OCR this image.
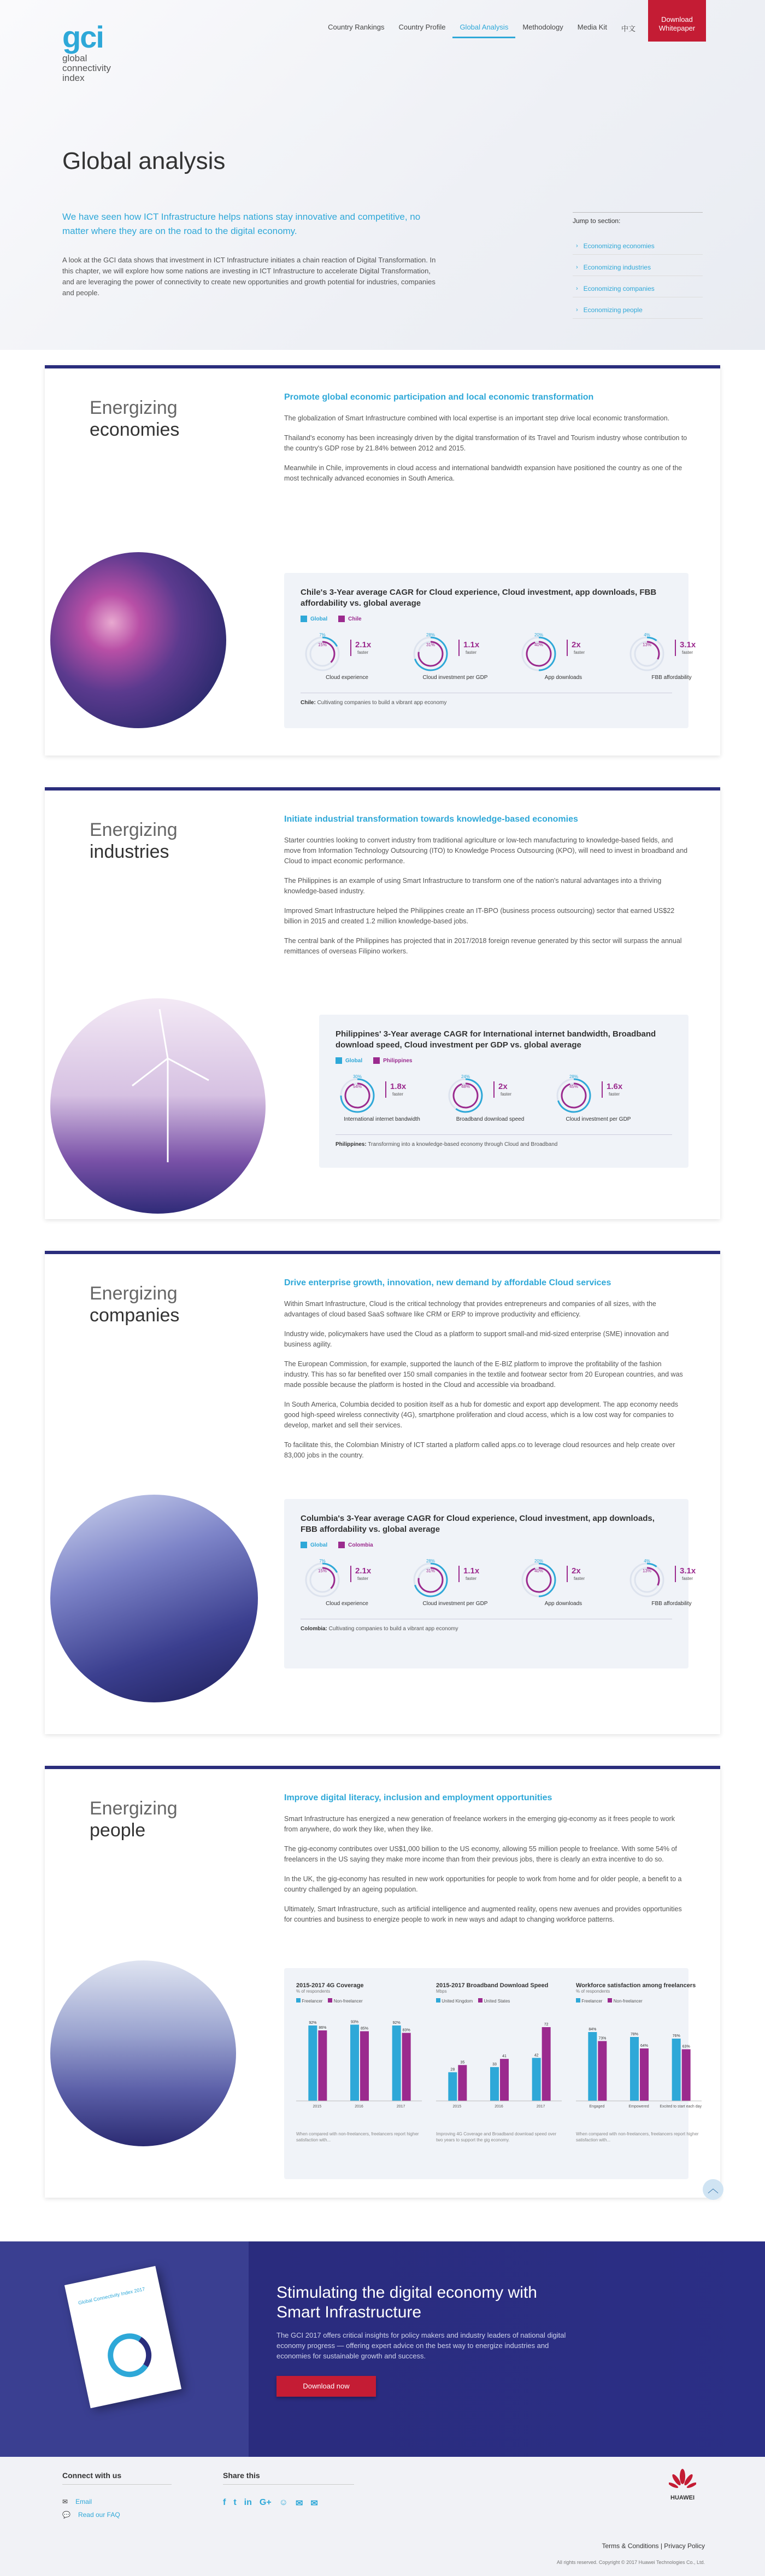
gci
global
connectivity
index
Country Rankings	Country Profile	Global Analysis	Methodology	Media Kit	中文
Download Whitepaper
Global analysis
We have seen how ICT Infrastructure helps nations stay innovative and competitive, no matter where they are on the road to the digital economy.
A look at the GCI data shows that investment in ICT Infrastructure initiates a chain reaction of Digital Transformation. In this chapter, we will explore how some nations are investing in ICT Infrastructure to accelerate Digital Transformation, and are leveraging the power of connectivity to create new opportunities and growth potential for industries, companies and people.
Jump to section:
› Economizing economies
› Economizing industries
› Economizing companies
› Economizing people
Energizing
economies
Promote global economic participation and local economic transformation

The globalization of Smart Infrastructure combined with local expertise is an important step drive local economic transformation.

Thailand's economy has been increasingly driven by the digital transformation of its Travel and Tourism industry whose contribution to the country's GDP rose by 21.84% between 2012 and 2015.

Meanwhile in Chile, improvements in cloud access and international bandwidth expansion have positioned the country as one of the most technically advanced economies in South America.

Chile's 3-Year average CAGR for Cloud experience, Cloud investment, app downloads, FBB affordability vs. global average
Global	Chile
7%
15%	2.1x
faster
Cloud experience
28%
31%	1.1x
faster
Cloud investment per GDP
20%
40%	2x
faster
App downloads
4%
13%	3.1x
faster
FBB affordability
Chile: Cultivating companies to build a vibrant app economy
Energizing
industries
Initiate industrial transformation towards knowledge-based economies

Starter countries looking to convert industry from traditional agriculture or low-tech manufacturing to knowledge-based fields, and move from Information Technology Outsourcing (ITO) to Knowledge Process Outsourcing (KPO), will need to invest in broadband and Cloud to impact economic performance.

The Philippines is an example of using Smart Infrastructure to transform one of the nation's natural advantages into a thriving knowledge-based industry.

Improved Smart Infrastructure helped the Philippines create an IT-BPO (business process outsourcing) sector that earned US$22 billion in 2015 and created 1.2 million knowledge-based jobs.

The central bank of the Philippines has projected that in 2017/2018 foreign revenue generated by this sector will surpass the annual remittances of overseas Filipino workers.

Philippines' 3-Year average CAGR for International internet bandwidth, Broadband download speed, Cloud investment per GDP vs. global average
Global	Philippines
30%
54%	1.8x
faster
International internet bandwidth
24%
48%	2x
faster
Broadband download speed
28%
45%	1.6x
faster
Cloud investment per GDP
Philippines: Transforming into a knowledge-based economy through Cloud and Broadband
Energizing
companies
Drive enterprise growth, innovation, new demand by affordable Cloud services

Within Smart Infrastructure, Cloud is the critical technology that provides entrepreneurs and companies of all sizes, with the advantages of cloud based SaaS software like CRM or ERP to improve productivity and efficiency.

Industry wide, policymakers have used the Cloud as a platform to support small-and mid-sized enterprise (SME) innovation and business agility.

The European Commission, for example, supported the launch of the E-BIZ platform to improve the profitability of the fashion industry. This has so far benefited over 150 small companies in the textile and footwear sector from 20 European countries, and was made possible because the platform is hosted in the Cloud and accessible via broadband.

In South America, Columbia decided to position itself as a hub for domestic and export app development. The app economy needs good high-speed wireless connectivity (4G), smartphone proliferation and cloud access, which is a low cost way for companies to develop, market and sell their services.

To facilitate this, the Colombian Ministry of ICT started a platform called apps.co to leverage cloud resources and help create over 83,000 jobs in the country.

Columbia's 3-Year average CAGR for Cloud experience, Cloud investment, app downloads, FBB affordability vs. global average
Global	Colombia
7%
15%	2.1x
faster
Cloud experience
28%
31%	1.1x
faster
Cloud investment per GDP
20%
40%	2x
faster
App downloads
4%
13%	3.1x
faster
FBB affordability
Colombia: Cultivating companies to build a vibrant app economy
Energizing
people
Improve digital literacy, inclusion and employment opportunities

Smart Infrastructure has energized a new generation of freelance workers in the emerging gig-economy as it frees people to work from anywhere, do work they like, when they like.

The gig-economy contributes over US$1,000 billion to the US economy, allowing 55 million people to freelance. With some 54% of freelancers in the US saying they make more income than from their previous jobs, there is clearly an extra incentive to do so.

In the UK, the gig-economy has resulted in new work opportunities for people to work from home and for older people, a benefit to a country challenged by an ageing population.

Ultimately, Smart Infrastructure, such as artificial intelligence and augmented reality, opens new avenues and provides opportunities for countries and business to energize people to work in new ways and adapt to changing workforce patterns.

2015-2017 4G Coverage
% of respondents
Freelancer	Non-freelancer
92%
86%
2015
93%
85%
2016
92%
83%
2017
When compared with non-freelancers, freelancers report higher satisfaction with...
2015-2017 Broadband Download Speed
Mbps
United Kingdom	United States
28
35
2015
33
41
2016
42
72
2017
Improving 4G Coverage and Broadband download speed over two years to support the gig economy.
Workforce satisfaction among freelancers
% of respondents
Freelancer	Non-freelancer
84%
73%
Engaged
78%
64%
Empowered
76%
63%
Excited to start each day
When compared with non-freelancers, freelancers report higher satisfaction with...
︿
Global Connectivity Index 2017	Stimulating the digital economy with Smart Infrastructure

The GCI 2017 offers critical insights for policy makers and industry leaders of national digital economy progress — offering expert advice on the best way to energize industries and economies for sustainable growth and success.

Download now
Connect with us
✉ Email
💬 Read our FAQ
Share this
f t in G+ ☺ ✉ ✉
HUAWEI
Terms & Conditions | Privacy Policy
All rights reserved. Copyright © 2017 Huawei Technologies Co., Ltd.
